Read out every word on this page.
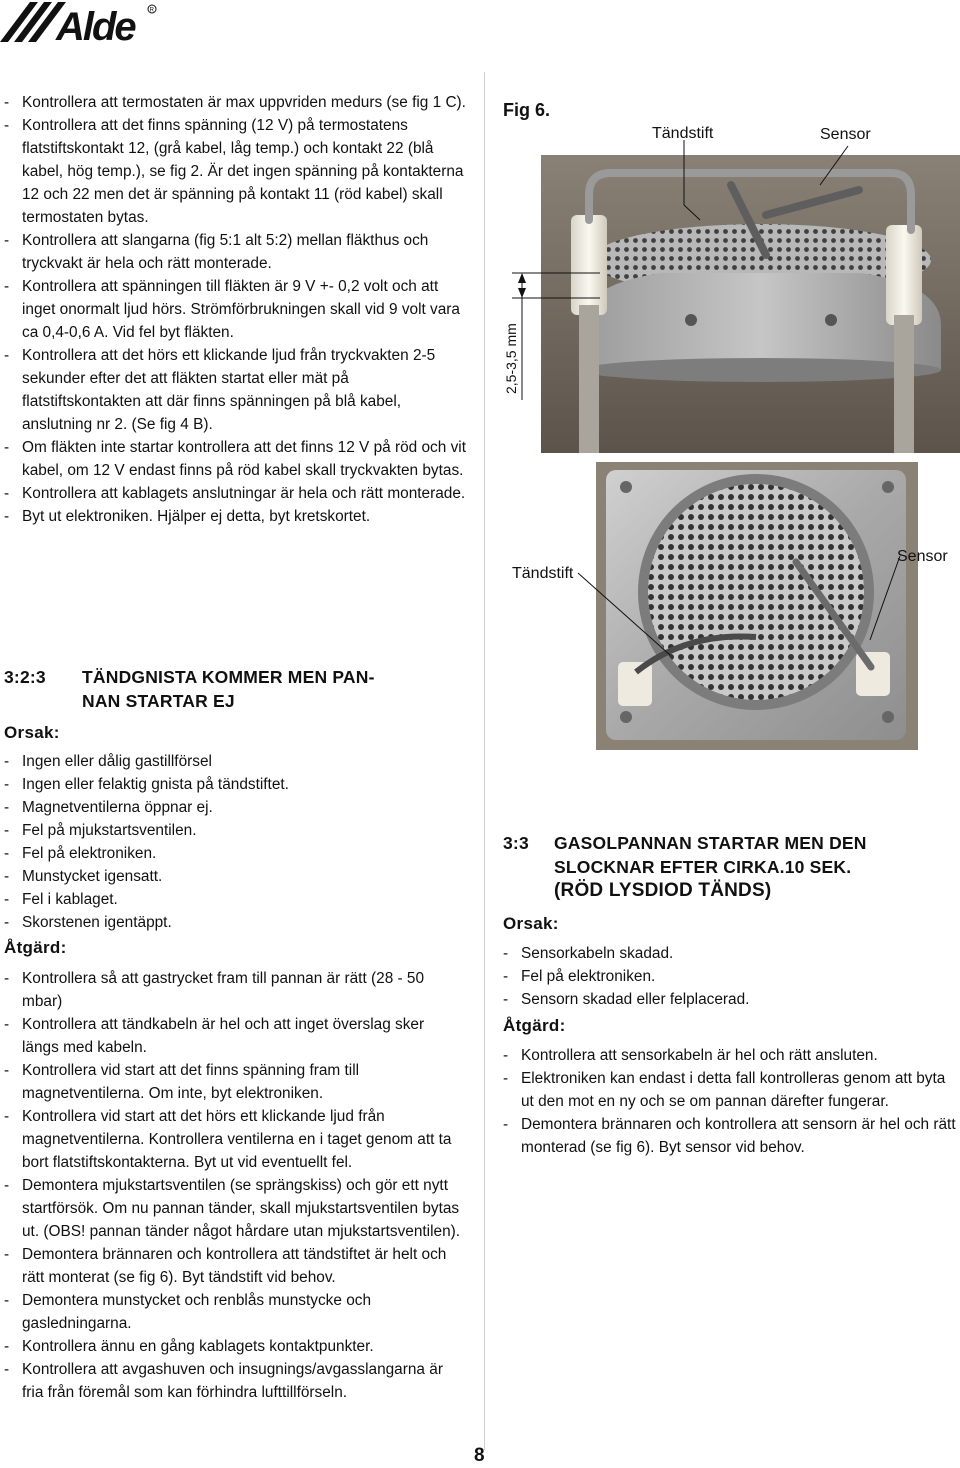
Alde R
- Kontrollera att termostaten är max uppvriden medurs (se fig 1 C).
- Kontrollera att det finns spänning (12 V) på termostatens flatstiftskontakt 12, (grå kabel, låg temp.) och kontakt 22 (blå kabel, hög temp.), se fig 2. Är det ingen spänning på kontakterna 12 och 22 men det är spänning på kontakt 11 (röd kabel) skall termostaten bytas.
- Kontrollera att slangarna (fig 5:1 alt 5:2) mellan fläkthus och tryckvakt är hela och rätt monterade.
- Kontrollera att spänningen till fläkten är 9 V +- 0,2 volt och att inget onormalt ljud hörs. Strömförbrukningen skall vid 9 volt vara ca 0,4-0,6 A. Vid fel byt fläkten.
- Kontrollera att det hörs ett klickande ljud från tryckvakten 2-5 sekunder efter det att fläkten startat eller mät på flatstiftskontakten att där finns spänningen på blå kabel, anslutning nr 2. (Se fig 4 B).
- Om fläkten inte startar kontrollera att det finns 12 V på röd och vit kabel, om 12 V endast finns på röd kabel skall tryckvakten bytas.
- Kontrollera att kablagets anslutningar är hela och rätt monterade.
- Byt ut elektroniken. Hjälper ej detta, byt kretskortet.
3:2:3 TÄNDGNISTA KOMMER MEN PAN-
NAN STARTAR EJ
Orsak:
- Ingen eller dålig gastillförsel
- Ingen eller felaktig gnista på tändstiftet.
- Magnetventilerna öppnar ej.
- Fel på mjukstartsventilen.
- Fel på elektroniken.
- Munstycket igensatt.
- Fel i kablaget.
- Skorstenen igentäppt.
Åtgärd:
- Kontrollera så att gastrycket fram till pannan är rätt (28 - 50 mbar)
- Kontrollera att tändkabeln är hel och att inget överslag sker längs med kabeln.
- Kontrollera vid start att det finns spänning fram till magnetventilerna. Om inte, byt elektroniken.
- Kontrollera vid start att det hörs ett klickande ljud från magnetventilerna. Kontrollera ventilerna en i taget genom att ta bort flatstiftskontakterna. Byt ut vid eventuellt fel.
- Demontera mjukstartsventilen (se sprängskiss) och gör ett nytt startförsök. Om nu pannan tänder, skall mjukstartsventilen bytas ut. (OBS! pannan tänder något hårdare utan mjukstartsventilen).
- Demontera brännaren och kontrollera att tändstiftet är helt och rätt monterat (se fig 6). Byt tändstift vid behov.
- Demontera munstycket och renblås munstycke och gasledningarna.
- Kontrollera ännu en gång kablagets kontaktpunkter.
- Kontrollera att avgashuven och insugnings/avgasslangarna är fria från föremål som kan förhindra lufttillförseln.
Fig 6.
Tändstift	Sensor
2,5-3,5 mm
Tändstift
Sensor
3:3 GASOLPANNAN STARTAR MEN DEN
SLOCKNAR EFTER CIRKA.10 SEK.
(RÖD LYSDIOD TÄNDS)
Orsak:
- Sensorkabeln skadad.
- Fel på elektroniken.
- Sensorn skadad eller felplacerad.
Åtgärd:
- Kontrollera att sensorkabeln är hel och rätt ansluten.
- Elektroniken kan endast i detta fall kontrolleras genom att byta ut den mot en ny och se om pannan därefter fungerar.
- Demontera brännaren och kontrollera att sensorn är hel och rätt monterad (se fig 6). Byt sensor vid behov.
8
